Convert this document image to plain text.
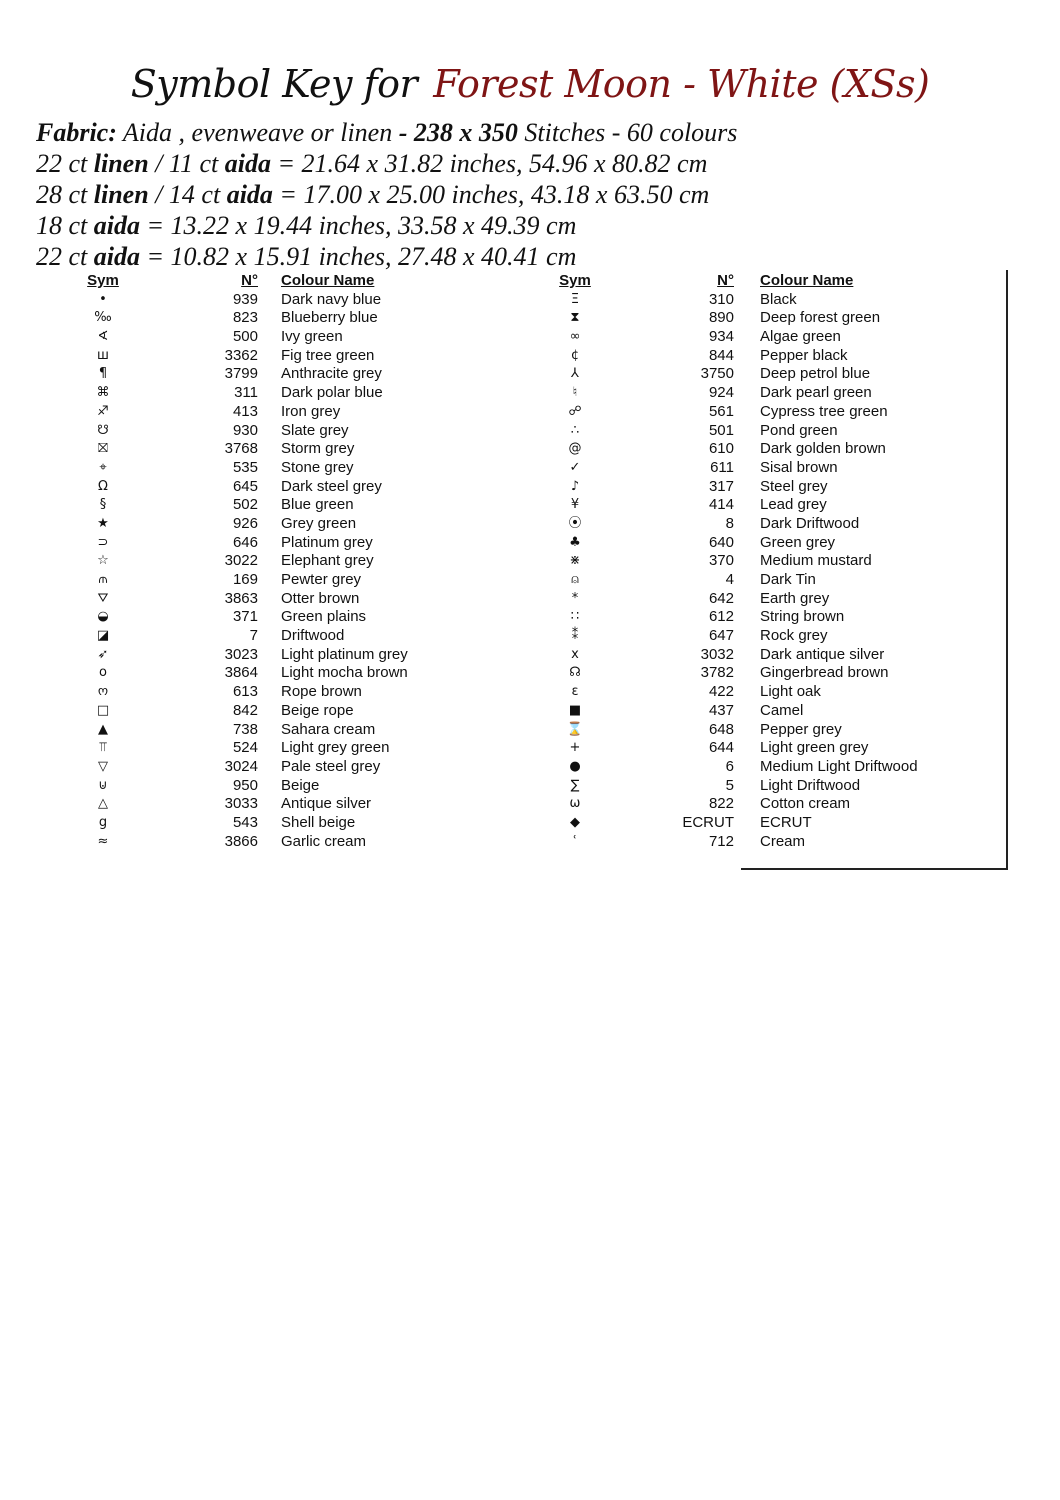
Symbol Key for Forest Moon - White (XSs)
Fabric: Aida , evenweave or linen - 238 x 350 Stitches - 60 colours
22 ct linen / 11 ct aida = 21.64 x 31.82 inches, 54.96 x 80.82 cm
28 ct linen / 14 ct aida = 17.00 x 25.00 inches, 43.18 x 63.50 cm
18 ct aida = 13.22 x 19.44 inches, 33.58 x 49.39 cm
22 ct aida = 10.82 x 15.91 inches, 27.48 x 40.41 cm
Sym	N°	Colour Name
•	939	Dark navy blue
‰	823	Blueberry blue
∢	500	Ivy green
ш	3362	Fig tree green
¶	3799	Anthracite grey
⌘	311	Dark polar blue
♐	413	Iron grey
☋	930	Slate grey
⛝	3768	Storm grey
⌖	535	Stone grey
Ω	645	Dark steel grey
§	502	Blue green
★	926	Grey green
⊃	646	Platinum grey
☆	3022	Elephant grey
⫙	169	Pewter grey
⛛	3863	Otter brown
◒	371	Green plains
◪	7	Driftwood
➶	3023	Light platinum grey
o	3864	Light mocha brown
ო	613	Rope brown
□	842	Beige rope
▲	738	Sahara cream
⫪	524	Light grey green
▽	3024	Pale steel grey
⊍	950	Beige
△	3033	Antique silver
g	543	Shell beige
≈	3866	Garlic cream
Sym	N°	Colour Name
Ξ	310	Black
⧗	890	Deep forest green
∞	934	Algae green
¢	844	Pepper black
⅄	3750	Deep petrol blue
♮	924	Dark pearl green
☍	561	Cypress tree green
∴	501	Pond green
@	610	Dark golden brown
✓	611	Sisal brown
♪	317	Steel grey
¥	414	Lead grey
⦿	8	Dark Driftwood
♣	640	Green grey
⋇	370	Medium mustard
⍝	4	Dark Tin
*	642	Earth grey
∷	612	String brown
⁑	647	Rock grey
x	3032	Dark antique silver
☊	3782	Gingerbread brown
ɛ	422	Light oak
■	437	Camel
⌛	648	Pepper grey
+	644	Light green grey
●	6	Medium Light Driftwood
∑	5	Light Driftwood
ω	822	Cotton cream
◆	ECRUT	ECRUT
ʿ	712	Cream
